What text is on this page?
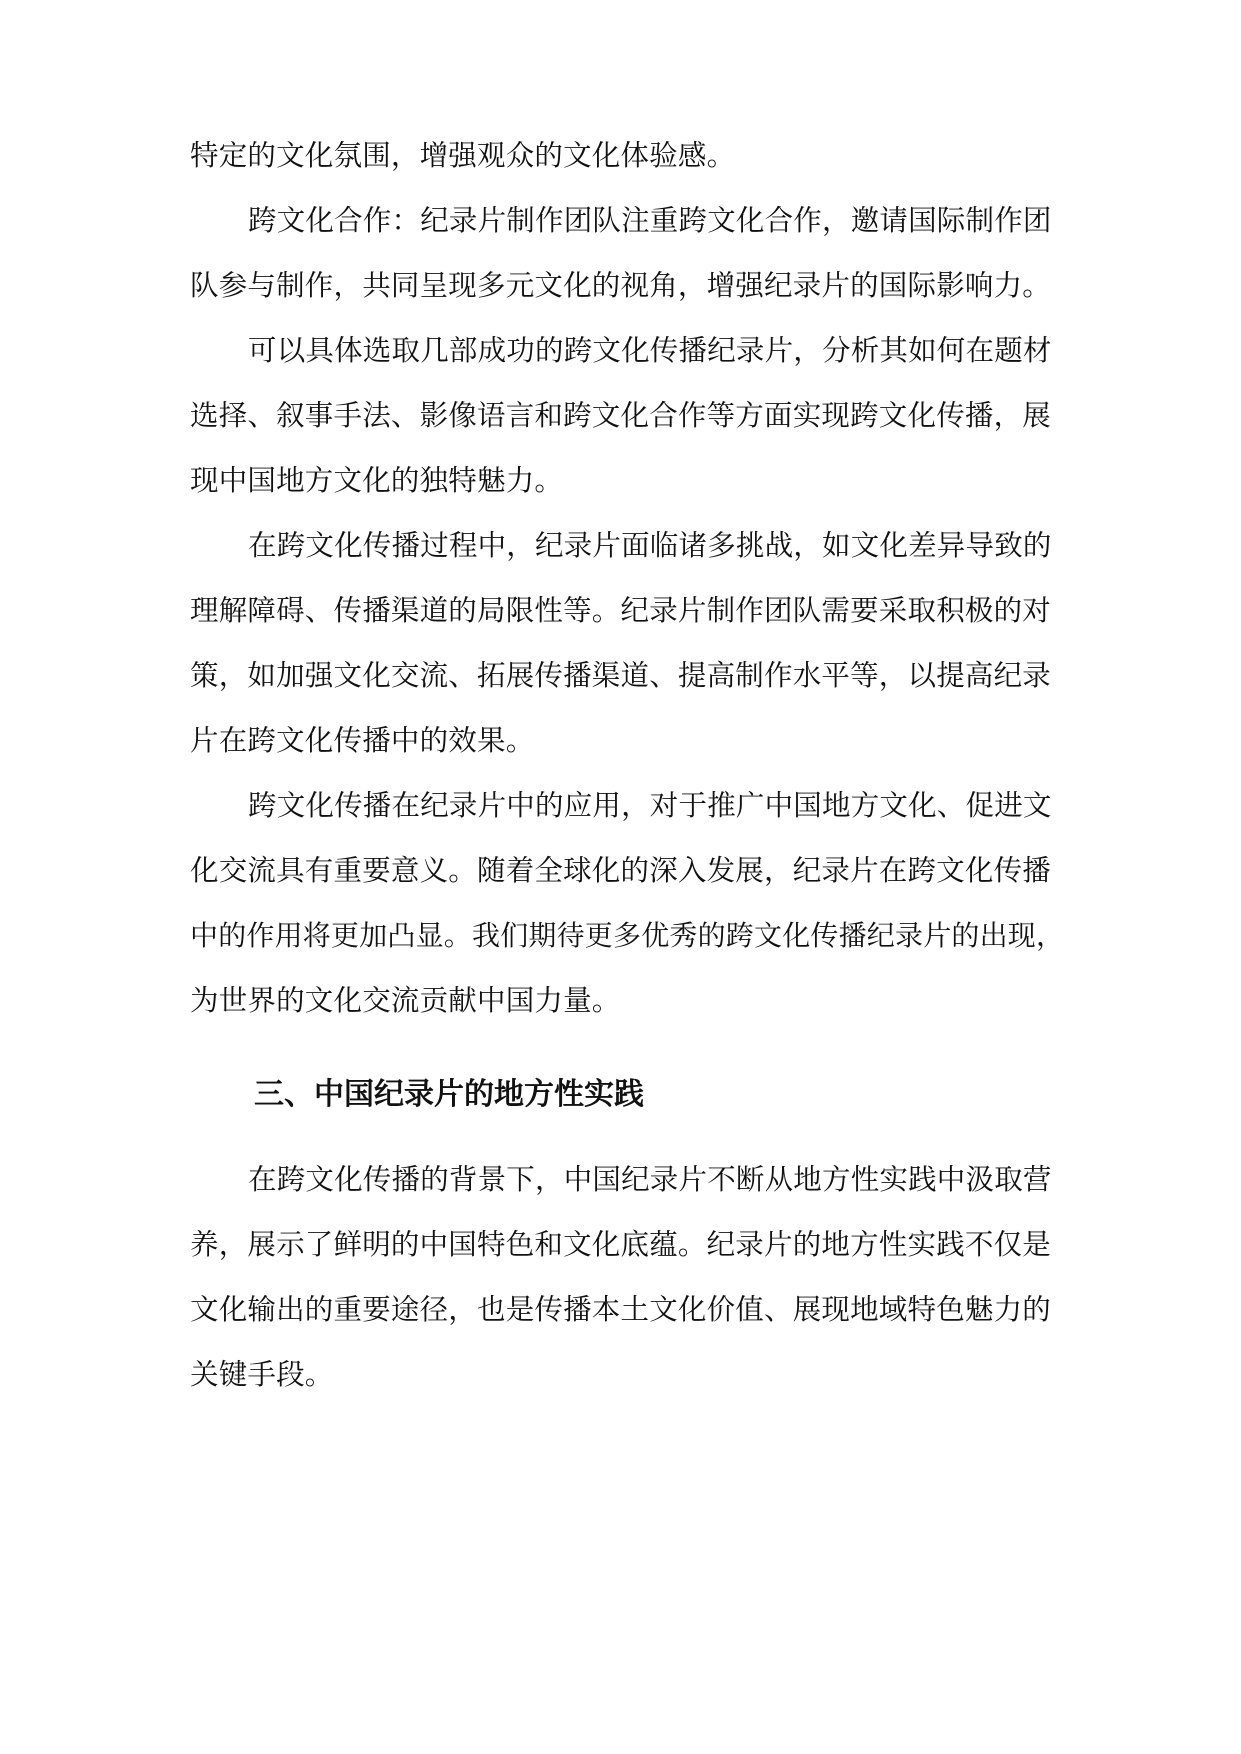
特定的文化氛围，增强观众的文化体验感。
跨文化合作：纪录片制作团队注重跨文化合作，邀请国际制作团
队参与制作，共同呈现多元文化的视角，增强纪录片的国际影响力。
可以具体选取几部成功的跨文化传播纪录片，分析其如何在题材
选择、叙事手法、影像语言和跨文化合作等方面实现跨文化传播，展
现中国地方文化的独特魅力。
在跨文化传播过程中，纪录片面临诸多挑战，如文化差异导致的
理解障碍、传播渠道的局限性等。纪录片制作团队需要采取积极的对
策，如加强文化交流、拓展传播渠道、提高制作水平等，以提高纪录
片在跨文化传播中的效果。
跨文化传播在纪录片中的应用，对于推广中国地方文化、促进文
化交流具有重要意义。随着全球化的深入发展，纪录片在跨文化传播
中的作用将更加凸显。我们期待更多优秀的跨文化传播纪录片的出现，
为世界的文化交流贡献中国力量。
三、中国纪录片的地方性实践
在跨文化传播的背景下，中国纪录片不断从地方性实践中汲取营
养，展示了鲜明的中国特色和文化底蕴。纪录片的地方性实践不仅是
文化输出的重要途径，也是传播本土文化价值、展现地域特色魅力的
关键手段。
